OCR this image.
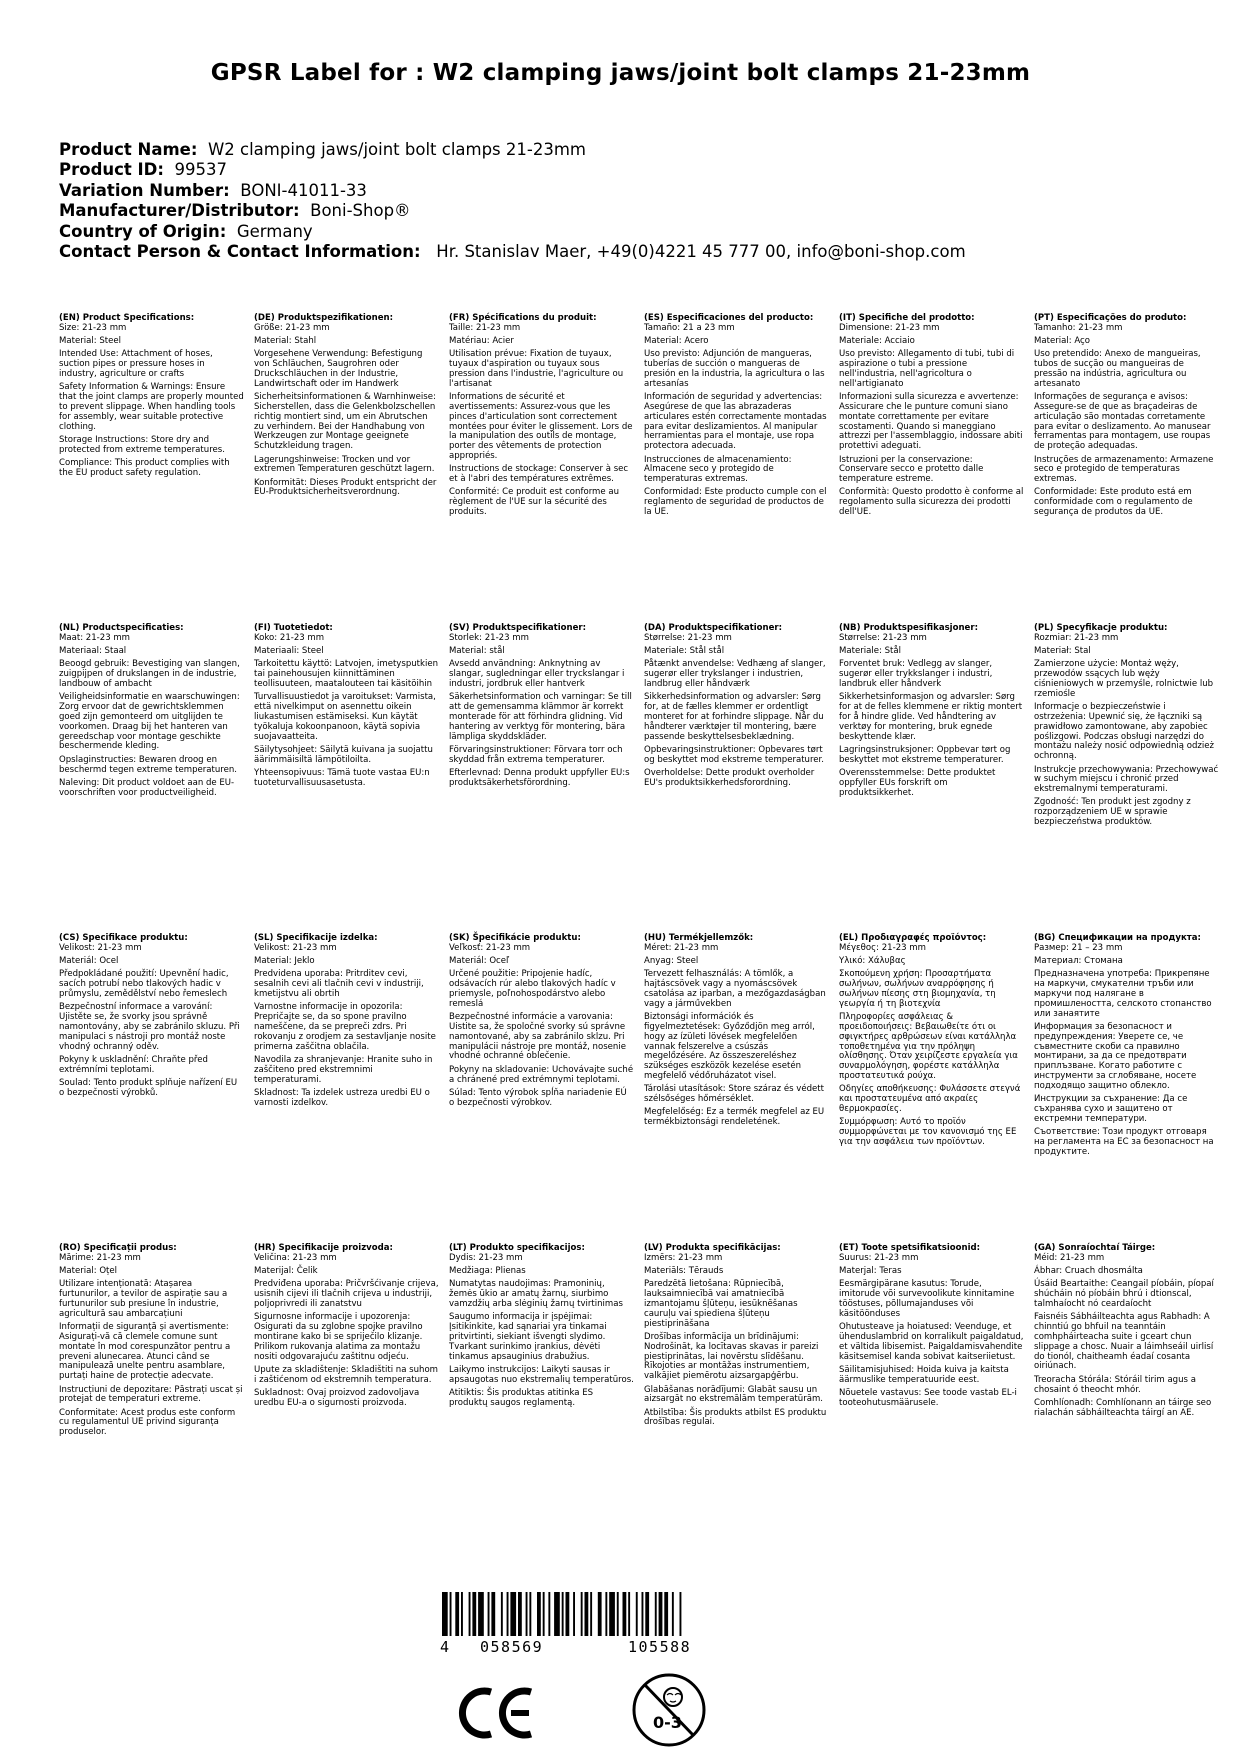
GPSR Label for : W2 clamping jaws/joint bolt clamps 21-23mm
Product Name: W2 clamping jaws/joint bolt clamps 21-23mm
Product ID: 99537
Variation Number: BONI-41011-33
Manufacturer/Distributor: Boni-Shop®
Country of Origin: Germany
Contact Person & Contact Information: Hr. Stanislav Maer, +49(0)4221 45 777 00, info@boni-shop.com
(EN) Product Specifications:

Size: 21-23 mm

Material: Steel

Intended Use: Attachment of hoses, suction pipes or pressure hoses in industry, agriculture or crafts

Safety Information & Warnings: Ensure that the joint clamps are properly mounted to prevent slippage. When handling tools for assembly, wear suitable protective clothing.

Storage Instructions: Store dry and protected from extreme temperatures.

Compliance: This product complies with the EU product safety regulation.

(DE) Produktspezifikationen:

Größe: 21-23 mm

Material: Stahl

Vorgesehene Verwendung: Befestigung von Schläuchen, Saugrohren oder Druckschläuchen in der Industrie, Landwirtschaft oder im Handwerk

Sicherheitsinformationen & Warnhinweise: Sicherstellen, dass die Gelenkbolzschellen richtig montiert sind, um ein Abrutschen zu verhindern. Bei der Handhabung von Werkzeugen zur Montage geeignete Schutzkleidung tragen.

Lagerungshinweise: Trocken und vor extremen Temperaturen geschützt lagern.

Konformität: Dieses Produkt entspricht der EU-Produktsicherheitsverordnung.

(FR) Spécifications du produit:

Taille: 21-23 mm

Matériau: Acier

Utilisation prévue: Fixation de tuyaux, tuyaux d'aspiration ou tuyaux sous pression dans l'industrie, l'agriculture ou l'artisanat

Informations de sécurité et avertissements: Assurez-vous que les pinces d'articulation sont correctement montées pour éviter le glissement. Lors de la manipulation des outils de montage, porter des vêtements de protection appropriés.

Instructions de stockage: Conserver à sec et à l'abri des températures extrêmes.

Conformité: Ce produit est conforme au règlement de l'UE sur la sécurité des produits.

(ES) Especificaciones del producto:

Tamaño: 21 a 23 mm

Material: Acero

Uso previsto: Adjunción de mangueras, tuberías de succión o mangueras de presión en la industria, la agricultura o las artesanías

Información de seguridad y advertencias: Asegúrese de que las abrazaderas articulares estén correctamente montadas para evitar deslizamientos. Al manipular herramientas para el montaje, use ropa protectora adecuada.

Instrucciones de almacenamiento: Almacene seco y protegido de temperaturas extremas.

Conformidad: Este producto cumple con el reglamento de seguridad de productos de la UE.

(IT) Specifiche del prodotto:

Dimensione: 21-23 mm

Materiale: Acciaio

Uso previsto: Allegamento di tubi, tubi di aspirazione o tubi a pressione nell'industria, nell'agricoltura o nell'artigianato

Informazioni sulla sicurezza e avvertenze: Assicurare che le punture comuni siano montate correttamente per evitare scostamenti. Quando si maneggiano attrezzi per l'assemblaggio, indossare abiti protettivi adeguati.

Istruzioni per la conservazione: Conservare secco e protetto dalle temperature estreme.

Conformità: Questo prodotto è conforme al regolamento sulla sicurezza dei prodotti dell'UE.

(PT) Especificações do produto:

Tamanho: 21-23 mm

Material: Aço

Uso pretendido: Anexo de mangueiras, tubos de sucção ou mangueiras de pressão na indústria, agricultura ou artesanato

Informações de segurança e avisos: Assegure-se de que as braçadeiras de articulação são montadas corretamente para evitar o deslizamento. Ao manusear ferramentas para montagem, use roupas de proteção adequadas.

Instruções de armazenamento: Armazene seco e protegido de temperaturas extremas.

Conformidade: Este produto está em conformidade com o regulamento de segurança de produtos da UE.

(NL) Productspecificaties:

Maat: 21-23 mm

Materiaal: Staal

Beoogd gebruik: Bevestiging van slangen, zuigpijpen of drukslangen in de industrie, landbouw of ambacht

Veiligheidsinformatie en waarschuwingen: Zorg ervoor dat de gewrichtsklemmen goed zijn gemonteerd om uitglijden te voorkomen. Draag bij het hanteren van gereedschap voor montage geschikte beschermende kleding.

Opslaginstructies: Bewaren droog en beschermd tegen extreme temperaturen.

Naleving: Dit product voldoet aan de EU-voorschriften voor productveiligheid.

(FI) Tuotetiedot:

Koko: 21-23 mm

Materiaali: Steel

Tarkoitettu käyttö: Latvojen, imetysputkien tai painehousujen kiinnittäminen teollisuuteen, maatalouteen tai käsitöihin

Turvallisuustiedot ja varoitukset: Varmista, että nivelkimput on asennettu oikein liukastumisen estämiseksi. Kun käytät työkaluja kokoonpanoon, käytä sopivia suojavaatteita.

Säilytysohjeet: Säilytä kuivana ja suojattu äärimmäisiltä lämpötiloilta.

Yhteensopivuus: Tämä tuote vastaa EU:n tuoteturvallisuusasetusta.

(SV) Produktspecifikationer:

Storlek: 21-23 mm

Material: stål

Avsedd användning: Anknytning av slangar, sugledningar eller tryckslangar i industri, jordbruk eller hantverk

Säkerhetsinformation och varningar: Se till att de gemensamma klämmor är korrekt monterade för att förhindra glidning. Vid hantering av verktyg för montering, bära lämpliga skyddskläder.

Förvaringsinstruktioner: Förvara torr och skyddad från extrema temperaturer.

Efterlevnad: Denna produkt uppfyller EU:s produktsäkerhetsförordning.

(DA) Produktspecifikationer:

Størrelse: 21-23 mm

Materiale: Stål stål

Påtænkt anvendelse: Vedhæng af slanger, sugerør eller trykslanger i industrien, landbrug eller håndværk

Sikkerhedsinformation og advarsler: Sørg for, at de fælles klemmer er ordentligt monteret for at forhindre slippage. Når du håndterer værktøjer til montering, bære passende beskyttelsesbeklædning.

Opbevaringsinstruktioner: Opbevares tørt og beskyttet mod ekstreme temperaturer.

Overholdelse: Dette produkt overholder EU's produktsikkerhedsforordning.

(NB) Produktspesifikasjoner:

Størrelse: 21-23 mm

Materiale: Stål

Forventet bruk: Vedlegg av slanger, sugerør eller trykkslanger i industri, landbruk eller håndverk

Sikkerhetsinformasjon og advarsler: Sørg for at de felles klemmene er riktig montert for å hindre glide. Ved håndtering av verktøy for montering, bruk egnede beskyttende klær.

Lagringsinstruksjoner: Oppbevar tørt og beskyttet mot ekstreme temperaturer.

Overensstemmelse: Dette produktet oppfyller EUs forskrift om produktsikkerhet.

(PL) Specyfikacje produktu:

Rozmiar: 21-23 mm

Materiał: Stal

Zamierzone użycie: Montaż węży, przewodów ssących lub węży ciśnieniowych w przemyśle, rolnictwie lub rzemiośle

Informacje o bezpieczeństwie i ostrzeżenia: Upewnić się, że łączniki są prawidłowo zamontowane, aby zapobiec poślizgowi. Podczas obsługi narzędzi do montażu należy nosić odpowiednią odzież ochronną.

Instrukcje przechowywania: Przechowywać w suchym miejscu i chronić przed ekstremalnymi temperaturami.

Zgodność: Ten produkt jest zgodny z rozporządzeniem UE w sprawie bezpieczeństwa produktów.

(CS) Specifikace produktu:

Velikost: 21-23 mm

Materiál: Ocel

Předpokládané použití: Upevnění hadic, sacích potrubí nebo tlakových hadic v průmyslu, zemědělství nebo řemeslech

Bezpečnostní informace a varování: Ujistěte se, že svorky jsou správně namontovány, aby se zabránilo skluzu. Při manipulaci s nástroji pro montáž noste vhodný ochranný oděv.

Pokyny k uskladnění: Chraňte před extrémními teplotami.

Soulad: Tento produkt splňuje nařízení EU o bezpečnosti výrobků.

(SL) Specifikacije izdelka:

Velikost: 21-23 mm

Material: Jeklo

Predvidena uporaba: Pritrditev cevi, sesalnih cevi ali tlačnih cevi v industriji, kmetijstvu ali obrtih

Varnostne informacije in opozorila: Prepričajte se, da so spone pravilno nameščene, da se prepreči zdrs. Pri rokovanju z orodjem za sestavljanje nosite primerna zaščitna oblačila.

Navodila za shranjevanje: Hranite suho in zaščiteno pred ekstremnimi temperaturami.

Skladnost: Ta izdelek ustreza uredbi EU o varnosti izdelkov.

(SK) Špecifikácie produktu:

Veľkosť: 21-23 mm

Materiál: Oceľ

Určené použitie: Pripojenie hadíc, odsávacích rúr alebo tlakových hadíc v priemysle, poľnohospodárstvo alebo remeslá

Bezpečnostné informácie a varovania: Uistite sa, že spoločné svorky sú správne namontované, aby sa zabránilo sklzu. Pri manipulácii nástroje pre montáž, nosenie vhodné ochranné oblečenie.

Pokyny na skladovanie: Uchovávajte suché a chránené pred extrémnymi teplotami.

Súlad: Tento výrobok spĺňa nariadenie EÚ o bezpečnosti výrobkov.

(HU) Termékjellemzők:

Méret: 21-23 mm

Anyag: Steel

Tervezett felhasználás: A tömlők, a hajtáscsövek vagy a nyomáscsövek csatolása az iparban, a mezőgazdaságban vagy a járművekben

Biztonsági információk és figyelmeztetések: Győződjön meg arról, hogy az ízületi lövések megfelelően vannak felszerelve a csúszás megelőzésére. Az összeszereléshez szükséges eszközök kezelése esetén megfelelő védőruházatot visel.

Tárolási utasítások: Store száraz és védett szélsőséges hőmérséklet.

Megfelelőség: Ez a termék megfelel az EU termékbiztonsági rendeletének.

(EL) Προδιαγραφές προϊόντος:

Μέγεθος: 21-23 mm

Υλικό: Χάλυβας

Σκοπούμενη χρήση: Προσαρτήματα σωλήνων, σωλήνων αναρρόφησης ή σωλήνων πίεσης στη βιομηχανία, τη γεωργία ή τη βιοτεχνία

Πληροφορίες ασφάλειας & προειδοποιήσεις: Βεβαιωθείτε ότι οι σφιγκτήρες αρθρώσεων είναι κατάλληλα τοποθετημένα για την πρόληψη ολίσθησης. Όταν χειρίζεστε εργαλεία για συναρμολόγηση, φορέστε κατάλληλα προστατευτικά ρούχα.

Οδηγίες αποθήκευσης: Φυλάσσετε στεγνά και προστατευμένα από ακραίες θερμοκρασίες.

Συμμόρφωση: Αυτό το προϊόν συμμορφώνεται με τον κανονισμό της ΕΕ για την ασφάλεια των προϊόντων.

(BG) Спецификации на продукта:

Размер: 21 – 23 mm

Материал: Стомана

Предназначена употреба: Прикрепяне на маркучи, смукателни тръби или маркучи под налягане в промишлеността, селското стопанство или занаятите

Информация за безопасност и предупреждения: Уверете се, че съвместните скоби са правилно монтирани, за да се предотврати приплъзване. Когато работите с инструменти за сглобяване, носете подходящо защитно облекло.

Инструкции за съхранение: Да се съхранява сухо и защитено от екстремни температури.

Съответствие: Този продукт отговаря на регламента на ЕС за безопасност на продуктите.

(RO) Specificații produs:

Mărime: 21-23 mm

Material: Oțel

Utilizare intenționată: Atașarea furtunurilor, a tevilor de aspirație sau a furtunurilor sub presiune în industrie, agricultură sau ambarcațiuni

Informații de siguranță și avertismente: Asigurați-vă că clemele comune sunt montate în mod corespunzător pentru a preveni alunecarea. Atunci când se manipulează unelte pentru asamblare, purtați haine de protecție adecvate.

Instrucțiuni de depozitare: Păstrați uscat și protejat de temperaturi extreme.

Conformitate: Acest produs este conform cu regulamentul UE privind siguranța produselor.

(HR) Specifikacije proizvoda:

Veličina: 21-23 mm

Materijal: Čelik

Predviđena uporaba: Pričvršćivanje crijeva, usisnih cijevi ili tlačnih crijeva u industriji, poljoprivredi ili zanatstvu

Sigurnosne informacije i upozorenja: Osigurati da su zglobne spojke pravilno montirane kako bi se spriječilo klizanje. Prilikom rukovanja alatima za montažu nositi odgovarajuću zaštitnu odjeću.

Upute za skladištenje: Skladištiti na suhom i zaštićenom od ekstremnih temperatura.

Sukladnost: Ovaj proizvod zadovoljava uredbu EU-a o sigurnosti proizvoda.

(LT) Produkto specifikacijos:

Dydis: 21-23 mm

Medžiaga: Plienas

Numatytas naudojimas: Pramoninių, žemės ūkio ar amatų žarnų, siurbimo vamzdžių arba slėginių žarnų tvirtinimas

Saugumo informacija ir įspėjimai: Įsitikinkite, kad sąnariai yra tinkamai pritvirtinti, siekiant išvengti slydimo. Tvarkant surinkimo įrankius, dėvėti tinkamus apsauginius drabužius.

Laikymo instrukcijos: Laikyti sausas ir apsaugotas nuo ekstremalių temperatūros.

Atitiktis: Šis produktas atitinka ES produktų saugos reglamentą.

(LV) Produkta specifikācijas:

Izmērs: 21-23 mm

Materiāls: Tērauds

Paredzētā lietošana: Rūpniecībā, lauksaimniecībā vai amatniecībā izmantojamu šļūteņu, iesūknēšanas cauruļu vai spiediena šļūteņu piestiprināšana

Drošības informācija un brīdinājumi: Nodrošināt, ka locītavas skavas ir pareizi piestiprinātas, lai novērstu slīdēšanu. Rīkojoties ar montāžas instrumentiem, valkājiet piemērotu aizsargapģērbu.

Glabāšanas norādījumi: Glabāt sausu un aizsargāt no ekstremālām temperatūrām.

Atbilstība: Šis produkts atbilst ES produktu drošības regulai.

(ET) Toote spetsifikatsioonid:

Suurus: 21-23 mm

Materjal: Teras

Eesmärgipärane kasutus: Torude, imitorude või survevoolikute kinnitamine tööstuses, põllumajanduses või käsitöönduses

Ohutusteave ja hoiatused: Veenduge, et ühenduslambrid on korralikult paigaldatud, et vältida libisemist. Paigaldamisvahendite käsitsemisel kanda sobivat kaitseriietust.

Säilitamisjuhised: Hoida kuiva ja kaitsta äärmuslike temperatuuride eest.

Nõuetele vastavus: See toode vastab EL-i tooteohutusmäärusele.

(GA) Sonraíochtaí Táirge:

Méid: 21-23 mm

Ábhar: Cruach dhosmálta

Úsáid Beartaithe: Ceangail píobáin, píopaí shúcháin nó píobáin bhrú i dtionscal, talmhaíocht nó ceardaíocht

Faisnéis Sábháilteachta agus Rabhadh: A chinntiú go bhfuil na teanntáin comhpháirteacha suite i gceart chun slippage a chosc. Nuair a láimhseáil uirlisí do tionól, chaitheamh éadaí cosanta oiriúnach.

Treoracha Stórála: Stóráil tirim agus a chosaint ó theocht mhór.

Comhlíonadh: Comhlíonann an táirge seo rialachán sábháilteachta táirgí an AE.

4 058569	105588
0-3
